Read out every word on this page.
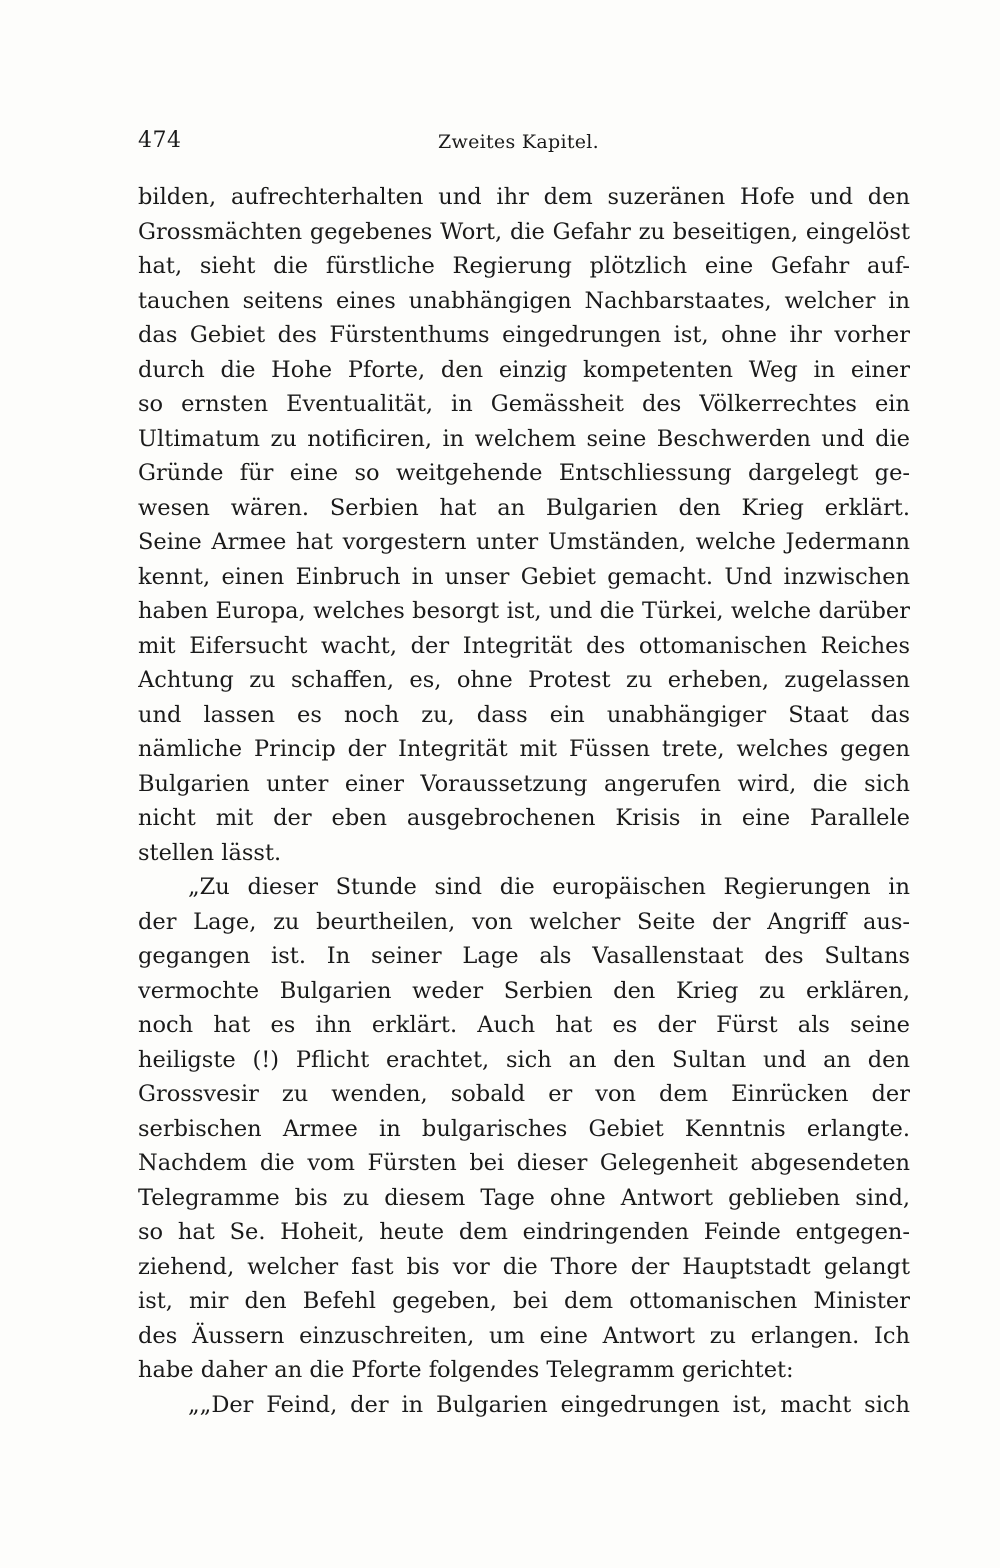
474	Zweites Kapitel.
bilden, aufrechterhalten und ihr dem suzeränen Hofe und den
Grossmächten gegebenes Wort, die Gefahr zu beseitigen, eingelöst
hat, sieht die fürstliche Regierung plötzlich eine Gefahr auf-
tauchen seitens eines unabhängigen Nachbarstaates, welcher in
das Gebiet des Fürstenthums eingedrungen ist, ohne ihr vorher
durch die Hohe Pforte, den einzig kompetenten Weg in einer
so ernsten Eventualität, in Gemässheit des Völkerrechtes ein
Ultimatum zu notificiren, in welchem seine Beschwerden und die
Gründe für eine so weitgehende Entschliessung dargelegt ge-
wesen wären. Serbien hat an Bulgarien den Krieg erklärt.
Seine Armee hat vorgestern unter Umständen, welche Jedermann
kennt, einen Einbruch in unser Gebiet gemacht. Und inzwischen
haben Europa, welches besorgt ist, und die Türkei, welche darüber
mit Eifersucht wacht, der Integrität des ottomanischen Reiches
Achtung zu schaffen, es, ohne Protest zu erheben, zugelassen
und lassen es noch zu, dass ein unabhängiger Staat das
nämliche Princip der Integrität mit Füssen trete, welches gegen
Bulgarien unter einer Voraussetzung angerufen wird, die sich
nicht mit der eben ausgebrochenen Krisis in eine Parallele
stellen lässt.
„Zu dieser Stunde sind die europäischen Regierungen in
der Lage, zu beurtheilen, von welcher Seite der Angriff aus-
gegangen ist. In seiner Lage als Vasallenstaat des Sultans
vermochte Bulgarien weder Serbien den Krieg zu erklären,
noch hat es ihn erklärt. Auch hat es der Fürst als seine
heiligste (!) Pflicht erachtet, sich an den Sultan und an den
Grossvesir zu wenden, sobald er von dem Einrücken der
serbischen Armee in bulgarisches Gebiet Kenntnis erlangte.
Nachdem die vom Fürsten bei dieser Gelegenheit abgesendeten
Telegramme bis zu diesem Tage ohne Antwort geblieben sind,
so hat Se. Hoheit, heute dem eindringenden Feinde entgegen-
ziehend, welcher fast bis vor die Thore der Hauptstadt gelangt
ist, mir den Befehl gegeben, bei dem ottomanischen Minister
des Äussern einzuschreiten, um eine Antwort zu erlangen. Ich
habe daher an die Pforte folgendes Telegramm gerichtet:
„„Der Feind, der in Bulgarien eingedrungen ist, macht sich
